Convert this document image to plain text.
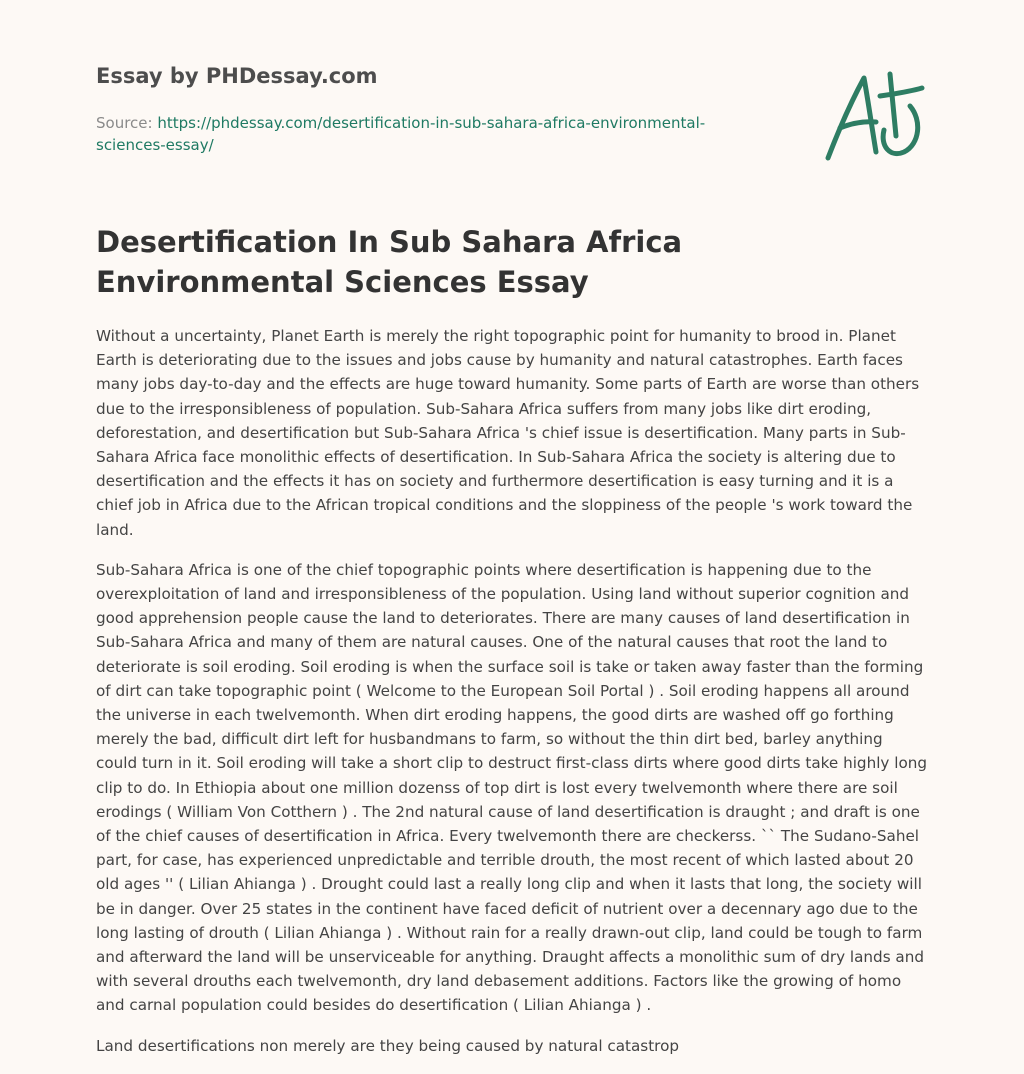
Essay by PHDessay.com
Source: https://phdessay.com/desertification-in-sub-sahara-africa-environmental-sciences-essay/
Desertification In Sub Sahara Africa Environmental Sciences Essay

Without a uncertainty, Planet Earth is merely the right topographic point for humanity to brood in. Planet Earth is deteriorating due to the issues and jobs cause by humanity and natural catastrophes. Earth faces many jobs day-to-day and the effects are huge toward humanity. Some parts of Earth are worse than others due to the irresponsibleness of population. Sub-Sahara Africa suffers from many jobs like dirt eroding, deforestation, and desertification but Sub-Sahara Africa 's chief issue is desertification. Many parts in Sub-Sahara Africa face monolithic effects of desertification. In Sub-Sahara Africa the society is altering due to desertification and the effects it has on society and furthermore desertification is easy turning and it is a chief job in Africa due to the African tropical conditions and the sloppiness of the people 's work toward the land.

Sub-Sahara Africa is one of the chief topographic points where desertification is happening due to the overexploitation of land and irresponsibleness of the population. Using land without superior cognition and good apprehension people cause the land to deteriorates. There are many causes of land desertification in Sub-Sahara Africa and many of them are natural causes. One of the natural causes that root the land to deteriorate is soil eroding. Soil eroding is when the surface soil is take or taken away faster than the forming of dirt can take topographic point ( Welcome to the European Soil Portal ) . Soil eroding happens all around the universe in each twelvemonth. When dirt eroding happens, the good dirts are washed off go forthing merely the bad, difficult dirt left for husbandmans to farm, so without the thin dirt bed, barley anything could turn in it. Soil eroding will take a short clip to destruct first-class dirts where good dirts take highly long clip to do. In Ethiopia about one million dozenss of top dirt is lost every twelvemonth where there are soil erodings ( William Von Cotthern ) . The 2nd natural cause of land desertification is draught ; and draft is one of the chief causes of desertification in Africa. Every twelvemonth there are checkerss. `` The Sudano-Sahel part, for case, has experienced unpredictable and terrible drouth, the most recent of which lasted about 20 old ages '' ( Lilian Ahianga ) . Drought could last a really long clip and when it lasts that long, the society will be in danger. Over 25 states in the continent have faced deficit of nutrient over a decennary ago due to the long lasting of drouth ( Lilian Ahianga ) . Without rain for a really drawn-out clip, land could be tough to farm and afterward the land will be unserviceable for anything. Draught affects a monolithic sum of dry lands and with several drouths each twelvemonth, dry land debasement additions. Factors like the growing of homo and carnal population could besides do desertification ( Lilian Ahianga ) .

Land desertifications non merely are they being caused by natural catastrop
